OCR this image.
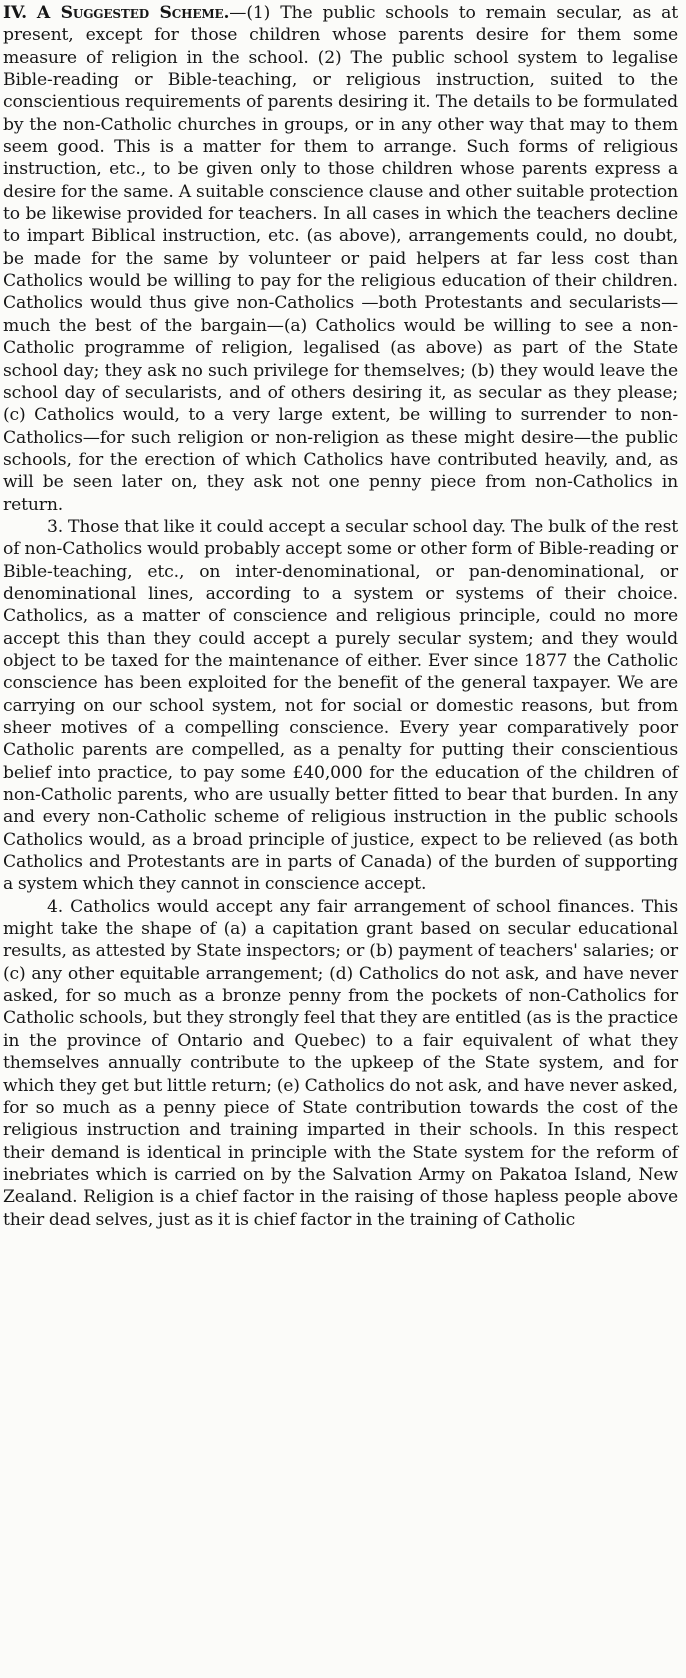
IV. A Suggested Scheme.—(1) The public schools to remain secular, as at present, except for those children whose parents desire for them some measure of religion in the school. (2) The public school system to legalise Bible-reading or Bible-teaching, or religious instruction, suited to the conscientious requirements of parents desiring it. The details to be formulated by the non-Catholic churches in groups, or in any other way that may to them seem good. This is a matter for them to arrange. Such forms of religious instruction, etc., to be given only to those children whose parents express a desire for the same. A suitable conscience clause and other suitable protection to be likewise provided for teachers. In all cases in which the teachers decline to impart Biblical instruction, etc. (as above), arrangements could, no doubt, be made for the same by volunteer or paid helpers at far less cost than Catholics would be willing to pay for the religious education of their children. Catholics would thus give non-Catholics —both Protestants and secularists—much the best of the bargain—(a) Catholics would be willing to see a non-Catholic programme of religion, legalised (as above) as part of the State school day; they ask no such privilege for themselves; (b) they would leave the school day of secularists, and of others desiring it, as secular as they please; (c) Catholics would, to a very large extent, be willing to surrender to non-Catholics—for such religion or non-religion as these might desire—the public schools, for the erection of which Catholics have contributed heavily, and, as will be seen later on, they ask not one penny piece from non-Catholics in return.

3. Those that like it could accept a secular school day. The bulk of the rest of non-Catholics would probably accept some or other form of Bible-reading or Bible-teaching, etc., on inter-denominational, or pan-denominational, or denominational lines, according to a system or systems of their choice. Catholics, as a matter of conscience and religious principle, could no more accept this than they could accept a purely secular system; and they would object to be taxed for the maintenance of either. Ever since 1877 the Catholic conscience has been exploited for the benefit of the general taxpayer. We are carrying on our school system, not for social or domestic reasons, but from sheer motives of a compelling conscience. Every year comparatively poor Catholic parents are compelled, as a penalty for putting their conscientious belief into practice, to pay some £40,000 for the education of the children of non-Catholic parents, who are usually better fitted to bear that burden. In any and every non-Catholic scheme of religious instruction in the public schools Catholics would, as a broad principle of justice, expect to be relieved (as both Catholics and Protestants are in parts of Canada) of the burden of supporting a system which they cannot in conscience accept.

4. Catholics would accept any fair arrangement of school finances. This might take the shape of (a) a capitation grant based on secular educational results, as attested by State inspectors; or (b) payment of teachers' salaries; or (c) any other equitable arrangement; (d) Catholics do not ask, and have never asked, for so much as a bronze penny from the pockets of non-Catholics for Catholic schools, but they strongly feel that they are entitled (as is the practice in the province of Ontario and Quebec) to a fair equivalent of what they themselves annually contribute to the upkeep of the State system, and for which they get but little return; (e) Catholics do not ask, and have never asked, for so much as a penny piece of State contribution towards the cost of the religious instruction and training imparted in their schools. In this respect their demand is identical in principle with the State system for the reform of inebriates which is carried on by the Salvation Army on Pakatoa Island, New Zealand. Religion is a chief factor in the raising of those hapless people above their dead selves, just as it is chief factor in the training of Catholic
